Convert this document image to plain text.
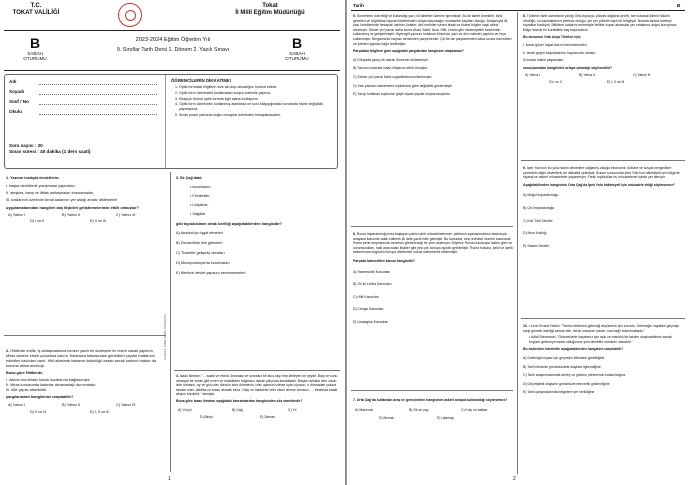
T.C.
TOKAT VALİLİĞİ
Tokat
İl Millî Eğitim Müdürlüğü
B
SABAH
OTURUMU
2023-2024 Eğitim Öğretim Yılı
9. Sınıflar Tarih Dersi 1. Dönem 2. Yazılı Sınavı	B
SABAH
OTURUMU
Adı
Soyadı
Sınıf / No
Okulu
Soru sayısı : 20
Sınav süresi : 40 dakika (1 ders saati)
ÖĞRENCİLERİN DİKKATİNE!
1. Optik formdaki bilgilerin size ait olup olmadığını kontrol ediniz.
2. Optik form üzerindeki kodlamaları kurşun kalemle yapınız.
3. Kitapçık türünü optik formda ilgili alana kodlayınız.
4. Optik form üzerindeki kodlanmış alanlarda ve soru kitapçığındaki sorularda hiçbir değişiklik yapmayınız.
5. Sınav puanı yalnızca doğru cevaplar üzerinden hesaplanacaktır.
TARİH 9. SINIF SORU KİTAPÇIĞI

1. Yazının icadıyla devletlerin;

I. başka devletlerle yazışmalar yapmaları,

II. ateşkes, barış ve ittifak antlaşmaları imzalamaları,

III. krallarının üzerinde kendi adlarının yer aldığı anıtlar diktirmeleri

uygulamalarından hangileri daş ilişkileri geliştirmelerinde etkili olmuştur?

A) Yalnız I	B) Yalnız II	C) Yalnız III
D) I ve II	E) II ve III

2. Hititlerde evlilik, iş antlaşmalarına benzer yazılı bir sözleşme ile resmî olarak yapılırdı. Miras sadece erkek çocuklara kalırdı. Kadınlara babasından gördükleri çeyizle mallarının edebilen kadınları vardı. Hitit ailesinde babanın üstünlüğü esastı ancak kadının hakları da koruma altına alınmıştı.

Buna göre Hititlerde,

I. Ailenin kurulması hukuk kurallarına bağlanmıştır.

II. Miras konusunda kadınlar dezavantajlı durumdadır.

III. Aile yapısı ataerkildir.

yargılarından hangilerine ulaşılabilir?

A) Yalnız I	B) Yalnız II	C) Yalnız III
D) II ve III	E) I, II ve III

3. İlk Çağ'daki;

• Asurluların,

• Fenikeliler,

• Lidyalılar,

• Sağdlar

gibi toplulukların ortak özelliği aşağıdakilerden hangisidir?

A) Anadolu'yu işgal etmeleri

B) Denizcilikte ileri gitmeleri

C) Ticaretle gelişmiş olmaları

D) Mezopotamya'da kurulmaları

E) Merkezi devlet yapısını benimsemeleri

4. İsaac Newton "… saatli ve ebedi, önceasiz ve sonrasız bir akış olup hep ilerleyen bir şeydir. Başı ve sonu olmayan bir ırmak gibi evren ve maddeden bağımsız olarak yalçında akmaktadır. Başka varlıklar izler olsun izler olmasın, ay ve gün izler dönsün izler dönmesin, izler uyansın izlerse uyku uyusun, o durmadan yoluna devam eder, daktika ve anları akacak biraz. Olay ve maddeler izler olsun izlerse olmasın, … etrafında kadar akışını sürdürür." demiştir.

Buna göre Isaac Newton aşağıdaki kavramlardan hangisinden söz etmektedir?

A) Yüzyıl	B) Çağ	C) Yıl
D) Binyıl	E) Zaman
1
Tarih	B

5. Sümerlerin icat ettiği ve kullandığı yazı, kil tabletler üzerine işlenmiştir. Bu kil tablet örnekleri, tahıl gevelleri ve büyükbaş hayvan listelerinden oluşan taşınsağın muhasebe kayıtları olduğu. Dolayısıyla ilk yazı örneklerinde hesaplar, tarihler, listeler, dinî metinler içeren ahlak ve ticaret bilgiler hayli altına alınmıştır. Sümer çivi yazısı daha sonra Akad, Babil, Asur, Hitit, Urartu gibi medeniyetler tarafından kullanılmış ve geliştirilmiştir. Hiyeroglif yazısını kullanan Mısırlılar, yazı ve dinî metinler papirüs ve fırça kullanmıştır. Bergama'da hayvan derisinden parşömenler, Çin'de ise parşömenden daha ucuza mal edilen ve İpekten yapılan kâğıt üretilmiştir.

Parçadaki bilgilere göre aşağıdaki yargılardan hangisine ulaşılamaz?

A) Dünyada yazıyı ilk olarak Sümerler kullanmıştır.

B) Yazının icadında insan ihtiyacını etkili olmuştur.

C) Sümer çivi yazısı farklı uygarlıklarca kullanılmıştır.

D) Yazı yazılan malzemeler toplumlara göre değişiklik göstermiştir.

E) Yazıyı kullanan toplumlar güçlü siyasi yapılar oluşturmuşlardır.

6. Roma İmparatorluğu'nda başlayan patrici-pleb mücadelelerinde, plebların ayaklanmaların baskısıyla anayasa kanunlar adalı edilerek ilk defa yazılı hâle gelmiştir. Bu kanunlar, tunç levhalar üzerine kazınarak Roma şehir meydanında herkesin görebileceği bir yere asılmıştır. Böylece Roma hukukuyla hallen göre ve sorumlulukları, halk arasındaki ilişkiler gibi pek çok konuya açıklık getirilmiştir. Roma hukuku, şekil ve içerik bakımından bugünkü Avrupa ülkelerinin hukuk sistemlerini etkilemiştir.

Parçada bahsedilen kanun hangisidir?

A) Hammurabi Kanunları

B) On iki Levha Kanunları

C) Hitit Kanunları

D) Cengiz Kanunları

E) Urukagina Kanunları

7. Orta Çağ'da kullanılan araç ve gereçlerden hangisinin askerî amaçla kullanıldığı söylenemez?

A) Mancınık	B) Ok ve yay	C) Kılıç ve kalkan
D) Mızrak	E) Usturlap

8. Türklerin tarih sahnesine çıktığı Orta Asya'ya; yüksek dağlarla çevrili, sert karasal iklimin hüküm sürdüğü, su kaynaklarının yetersiz olduğu, yer yer çöllerle kaplı bir bölgeydi. Burada tarıma elverişli topraklar kısıtlıydı. Bitkilerin karlarını erimesiyle birlikte coşan akarsular yer ortalarına doğru kuruyunca bölge kavruk bir kurakilikle baş başa kalırdı.

Bu durumun Orta Asya Türkleri için;

I. konar-göçer hayat tarzını benimsemeleri,

II. temel geçim kaynaklarının hayvancılık olması,

III.bozlar haline yaşamaları

sonuçlarından hangilerini ortaya çıkardığı söylenebilir?

A) Yalnız I	B) Yalnız II	C) Yalnız III
D) I ve II	E) I, II ve III

9. İpek Yolu'nun bu yola hakim devletlere sağlamış olduğu ekonomik, kültürel ve sosyal zenginlikler çevredeki diğer devletlerin de dikkatini çekmiştir. Bunun sonucunda İpek Yolu'nun hâkimiyeti için bölgede siyasal ve askerî mücadeleler yaşanmıştır. Farklı topluluklar bu mücadelenin içinde yer almıştır.

Aşağıdakilerden hangisinin Orta Çağ'da İpek Yolu hâkimiyeti için mücadele ettiği söylenemez?

A) Moğol İmparatorluğu

B) Çin İmparatorluğu

C) Kök Türk Devleti

D) Mısır Krallığı

E) Sasani Devleti

10. • Leon Ernest Halkin: "Tarihin bilinmesi geleceği düşünmek için zorunlu. Geleceğin hayalleri geçmişe karşı gelmek istediği zaman bile, kendi unsurları içinde, ona bağlı bulunmaktadır."

• Adial Stevenson: "Geleceklerle hayatımız için açık ve mantıklı bir takvim oluşturabilmek ancak bugüne gelinceye kadar olduğumuz yolu bilmekle mümkün olacaktır."

Bu sözlerden hareketle aşağıdakilerden hangisine ulaşılabilir?

A) Geleceğin inşası için geçmişin bilinmesi gerektiğine

B) Tarih bilmenin günümüzdeki olaylara ilgilendiğine

C) Tarih araştırmalarında deney ve gözlem yönteminin kullanıldığına

D) Geçmişteki olayların günümüzle benzerlik gösterdiğine

E) Tarih çalışmalarında belgelere yer verildiğine

2
